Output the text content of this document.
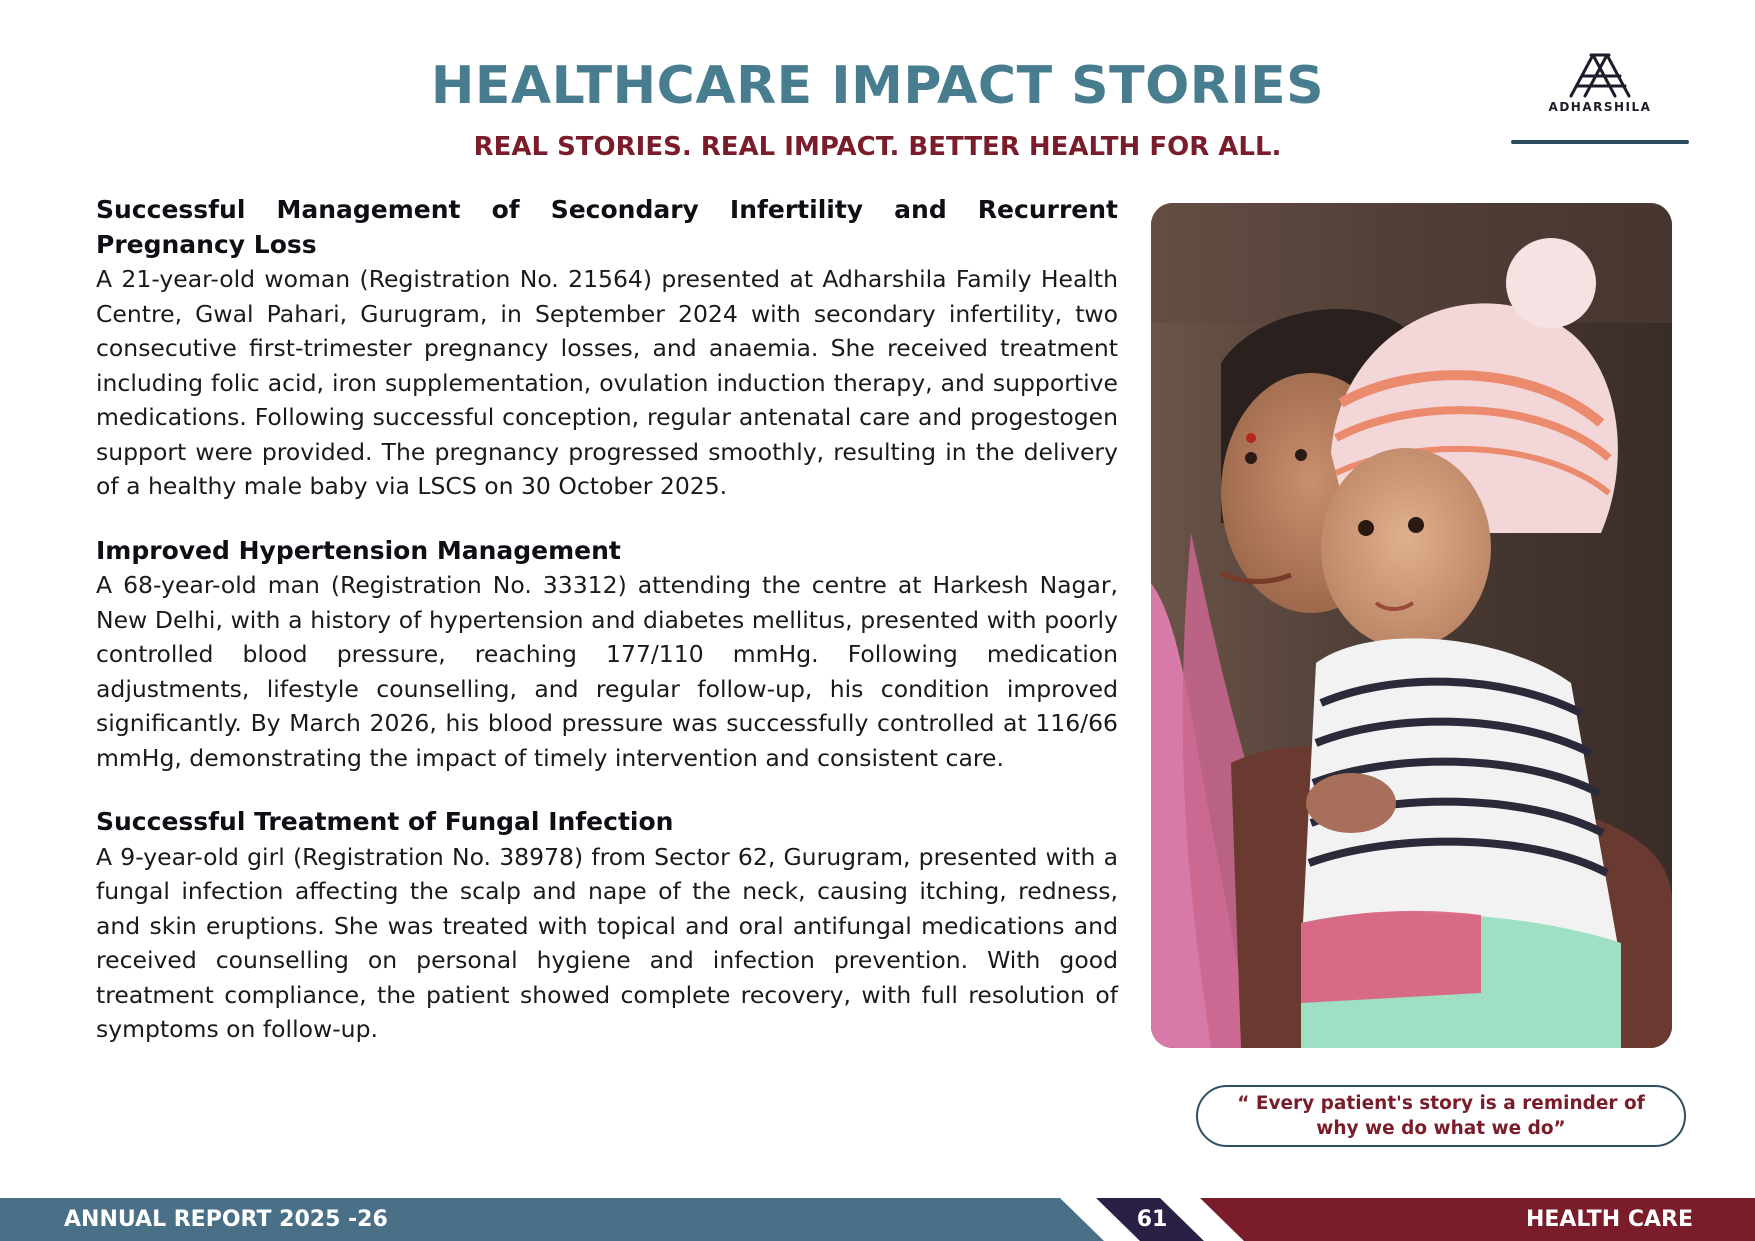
HEALTHCARE IMPACT STORIES
REAL STORIES. REAL IMPACT. BETTER HEALTH FOR ALL.
ADHARSHILA
Successful Management of Secondary Infertility and Recurrent Pregnancy Loss

A 21-year-old woman (Registration No. 21564) presented at Adharshila Family Health Centre, Gwal Pahari, Gurugram, in September 2024 with secondary infertility, two consecutive first-trimester pregnancy losses, and anaemia. She received treatment including folic acid, iron supplementation, ovulation induction therapy, and supportive medications. Following successful conception, regular antenatal care and progestogen support were provided. The pregnancy progressed smoothly, resulting in the delivery of a healthy male baby via LSCS on 30 October 2025.

Improved Hypertension Management

A 68-year-old man (Registration No. 33312) attending the centre at Harkesh Nagar, New Delhi, with a history of hypertension and diabetes mellitus, presented with poorly controlled blood pressure, reaching 177/110 mmHg. Following medication adjustments, lifestyle counselling, and regular follow-up, his condition improved significantly. By March 2026, his blood pressure was successfully controlled at 116/66 mmHg, demonstrating the impact of timely intervention and consistent care.

Successful Treatment of Fungal Infection

A 9-year-old girl (Registration No. 38978) from Sector 62, Gurugram, presented with a fungal infection affecting the scalp and nape of the neck, causing itching, redness, and skin eruptions. She was treated with topical and oral antifungal medications and received counselling on personal hygiene and infection prevention. With good treatment compliance, the patient showed complete recovery, with full resolution of symptoms on follow-up.

“ Every patient's story is a reminder of why we do what we do”
ANNUAL REPORT 2025 -26	61	HEALTH CARE
